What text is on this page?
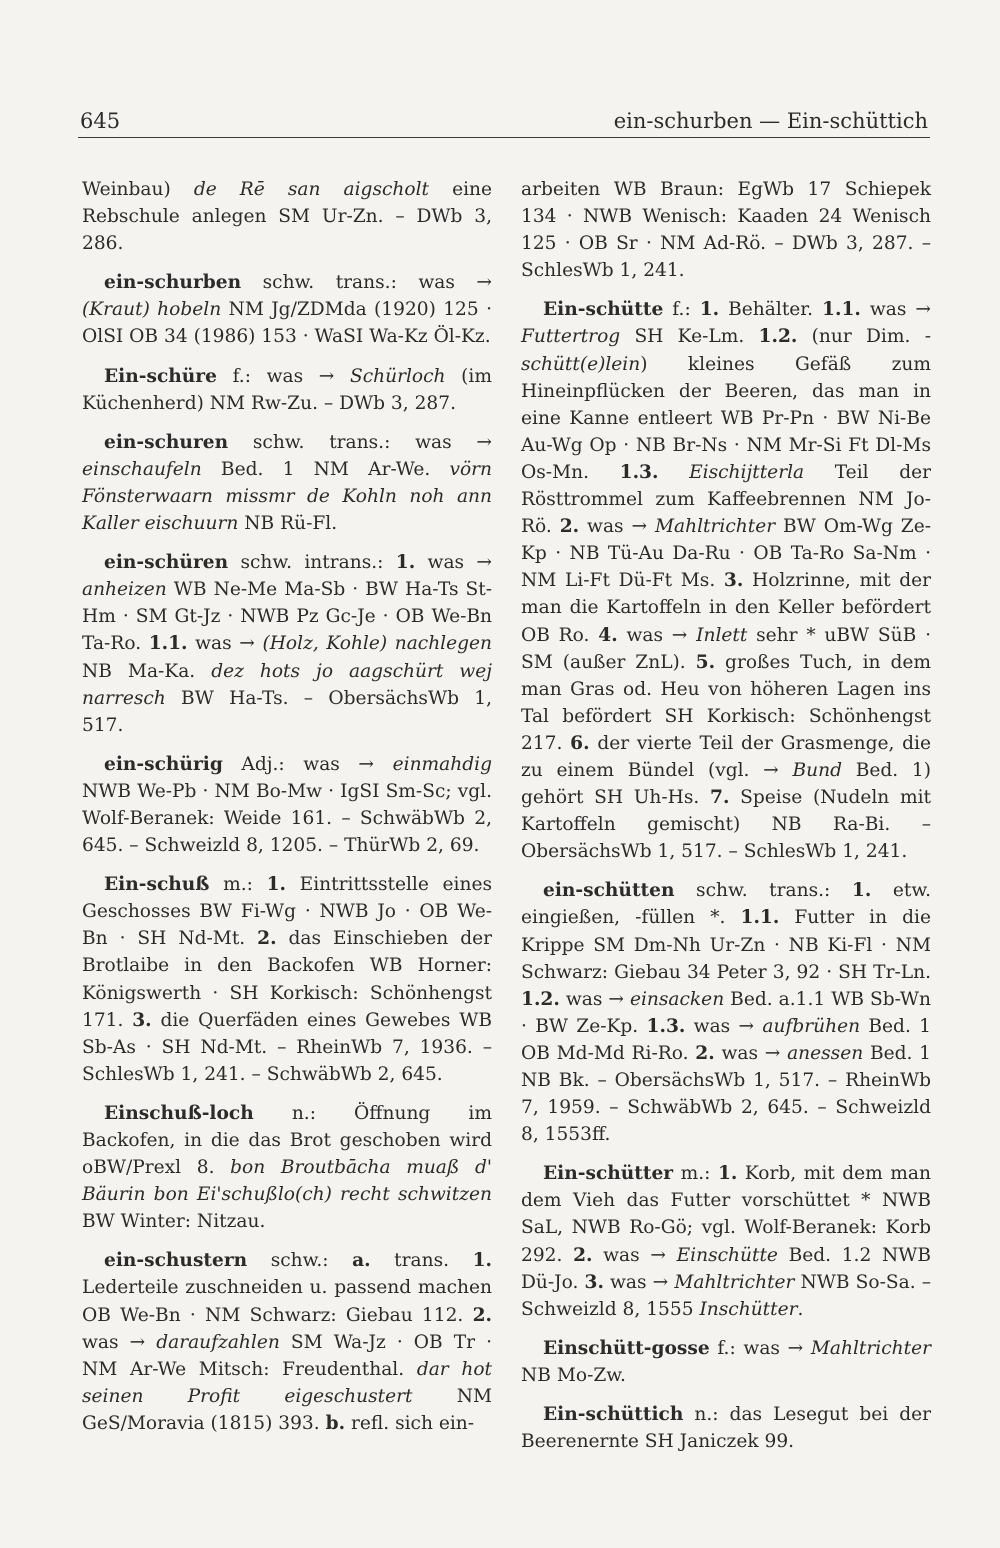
645	ein-schurben — Ein-schüttich

Weinbau) de Rē san aigscholt eine Rebschule anlegen SM Ur-Zn. – DWb 3, 286.

ein-schurben schw. trans.: was → (Kraut) hobeln NM Jg/ZDMda (1920) 125 · OlSI OB 34 (1986) 153 · WaSI Wa-Kz Öl-Kz.

Ein-schüre f.: was → Schürloch (im Küchenherd) NM Rw-Zu. – DWb 3, 287.

ein-schuren schw. trans.: was → einschaufeln Bed. 1 NM Ar-We. vörn Fönsterwaarn missmr de Kohln noh ann Kaller eischuurn NB Rü-Fl.

ein-schüren schw. intrans.: 1. was → anheizen WB Ne-Me Ma-Sb · BW Ha-Ts St-Hm · SM Gt-Jz · NWB Pz Gc-Je · OB We-Bn Ta-Ro. 1.1. was → (Holz, Kohle) nachlegen NB Ma-Ka. dez hots jo aagschürt wej narresch BW Ha-Ts. – ObersächsWb 1, 517.

ein-schürig Adj.: was → einmahdig NWB We-Pb · NM Bo-Mw · IgSI Sm-Sc; vgl. Wolf-Beranek: Weide 161. – SchwäbWb 2, 645. – Schweizld 8, 1205. – ThürWb 2, 69.

Ein-schuß m.: 1. Eintrittsstelle eines Geschosses BW Fi-Wg · NWB Jo · OB We-Bn · SH Nd-Mt. 2. das Einschieben der Brotlaibe in den Backofen WB Horner: Königswerth · SH Korkisch: Schönhengst 171. 3. die Querfäden eines Gewebes WB Sb-As · SH Nd-Mt. – RheinWb 7, 1936. – SchlesWb 1, 241. – SchwäbWb 2, 645.

Einschuß-loch n.: Öffnung im Backofen, in die das Brot geschoben wird oBW/Prexl 8. bon Broutbācha muaß d' Bäurin bon Ei'schußlo(ch) recht schwitzen BW Winter: Nitzau.

ein-schustern schw.: a. trans. 1. Lederteile zuschneiden u. passend machen OB We-Bn · NM Schwarz: Giebau 112. 2. was → daraufzahlen SM Wa-Jz · OB Tr · NM Ar-We Mitsch: Freudenthal. dar hot seinen Profit eigeschustert NM GeS/Moravia (1815) 393. b. refl. sich ein-

arbeiten WB Braun: EgWb 17 Schiepek 134 · NWB Wenisch: Kaaden 24 Wenisch 125 · OB Sr · NM Ad-Rö. – DWb 3, 287. – SchlesWb 1, 241.

Ein-schütte f.: 1. Behälter. 1.1. was → Futtertrog SH Ke-Lm. 1.2. (nur Dim. -schütt(e)lein) kleines Gefäß zum Hineinpflücken der Beeren, das man in eine Kanne entleert WB Pr-Pn · BW Ni-Be Au-Wg Op · NB Br-Ns · NM Mr-Si Ft Dl-Ms Os-Mn. 1.3. Eischijtterla Teil der Rösttrommel zum Kaffeebrennen NM Jo-Rö. 2. was → Mahltrichter BW Om-Wg Ze-Kp · NB Tü-Au Da-Ru · OB Ta-Ro Sa-Nm · NM Li-Ft Dü-Ft Ms. 3. Holzrinne, mit der man die Kartoffeln in den Keller befördert OB Ro. 4. was → Inlett sehr * uBW SüB · SM (außer ZnL). 5. großes Tuch, in dem man Gras od. Heu von höheren Lagen ins Tal befördert SH Korkisch: Schönhengst 217. 6. der vierte Teil der Grasmenge, die zu einem Bündel (vgl. → Bund Bed. 1) gehört SH Uh-Hs. 7. Speise (Nudeln mit Kartoffeln gemischt) NB Ra-Bi. – ObersächsWb 1, 517. – SchlesWb 1, 241.

ein-schütten schw. trans.: 1. etw. eingießen, -füllen *. 1.1. Futter in die Krippe SM Dm-Nh Ur-Zn · NB Ki-Fl · NM Schwarz: Giebau 34 Peter 3, 92 · SH Tr-Ln. 1.2. was → einsacken Bed. a.1.1 WB Sb-Wn · BW Ze-Kp. 1.3. was → aufbrühen Bed. 1 OB Md-Md Ri-Ro. 2. was → anessen Bed. 1 NB Bk. – ObersächsWb 1, 517. – RheinWb 7, 1959. – SchwäbWb 2, 645. – Schweizld 8, 1553ff.

Ein-schütter m.: 1. Korb, mit dem man dem Vieh das Futter vorschüttet * NWB SaL, NWB Ro-Gö; vgl. Wolf-Beranek: Korb 292. 2. was → Einschütte Bed. 1.2 NWB Dü-Jo. 3. was → Mahltrichter NWB So-Sa. – Schweizld 8, 1555 Inschütter.

Einschütt-gosse f.: was → Mahltrichter NB Mo-Zw.

Ein-schüttich n.: das Lesegut bei der Beerenernte SH Janiczek 99.
